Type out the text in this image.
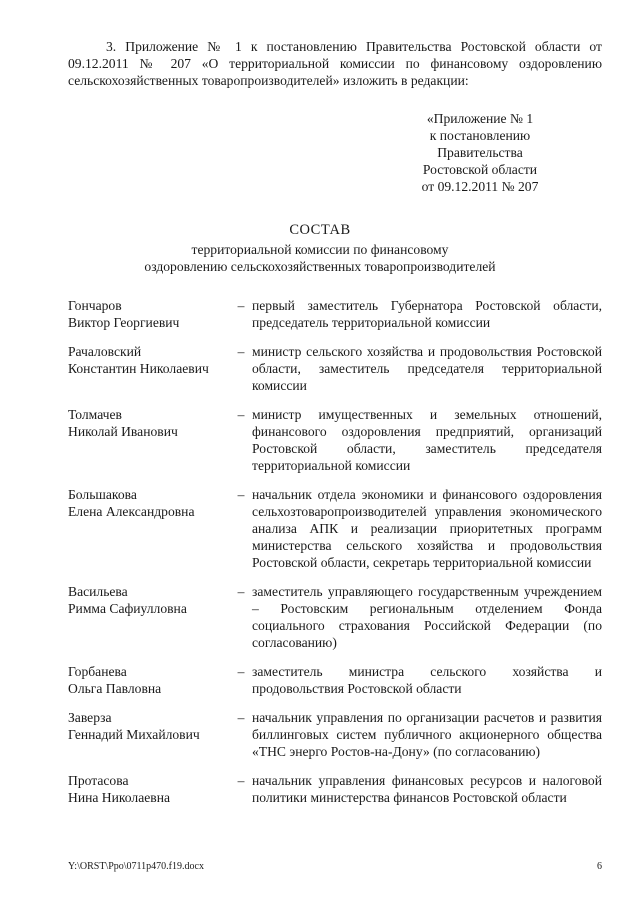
3. Приложение № 1 к постановлению Правительства Ростовской области от 09.12.2011 № 207 «О территориальной комиссии по финансовому оздоровлению сельскохозяйственных товаропроизводителей» изложить в редакции:

«Приложение № 1
к постановлению
Правительства
Ростовской области
от 09.12.2011 № 207
СОСТАВ
территориальной комиссии по финансовому
оздоровлению сельскохозяйственных товаропроизводителей
Гончаров
Виктор Георгиевич
– первый заместитель Губернатора Ростовской области, председатель территориальной комиссии
Рачаловский
Константин Николаевич
– министр сельского хозяйства и продовольствия Ростовской области, заместитель председателя территориальной комиссии
Толмачев
Николай Иванович
– министр имущественных и земельных отношений, финансового оздоровления предприятий, организаций Ростовской области, заместитель председателя территориальной комиссии
Большакова
Елена Александровна
– начальник отдела экономики и финансового оздоровления сельхозтоваропроизводителей управления экономического анализа АПК и реализации приоритетных программ министерства сельского хозяйства и продовольствия Ростовской области, секретарь территориальной комиссии
Васильева
Римма Сафиулловна
– заместитель управляющего государственным учреждением – Ростовским региональным отделением Фонда социального страхования Российской Федерации (по согласованию)
Горбанева
Ольга Павловна
– заместитель министра сельского хозяйства и продовольствия Ростовской области
Заверза
Геннадий Михайлович
– начальник управления по организации расчетов и развития биллинговых систем публичного акционерного общества «ТНС энерго Ростов-на-Дону» (по согласованию)
Протасова
Нина Николаевна
– начальник управления финансовых ресурсов и налоговой политики министерства финансов Ростовской области
Y:\ORST\Ppo\0711p470.f19.docx	6
